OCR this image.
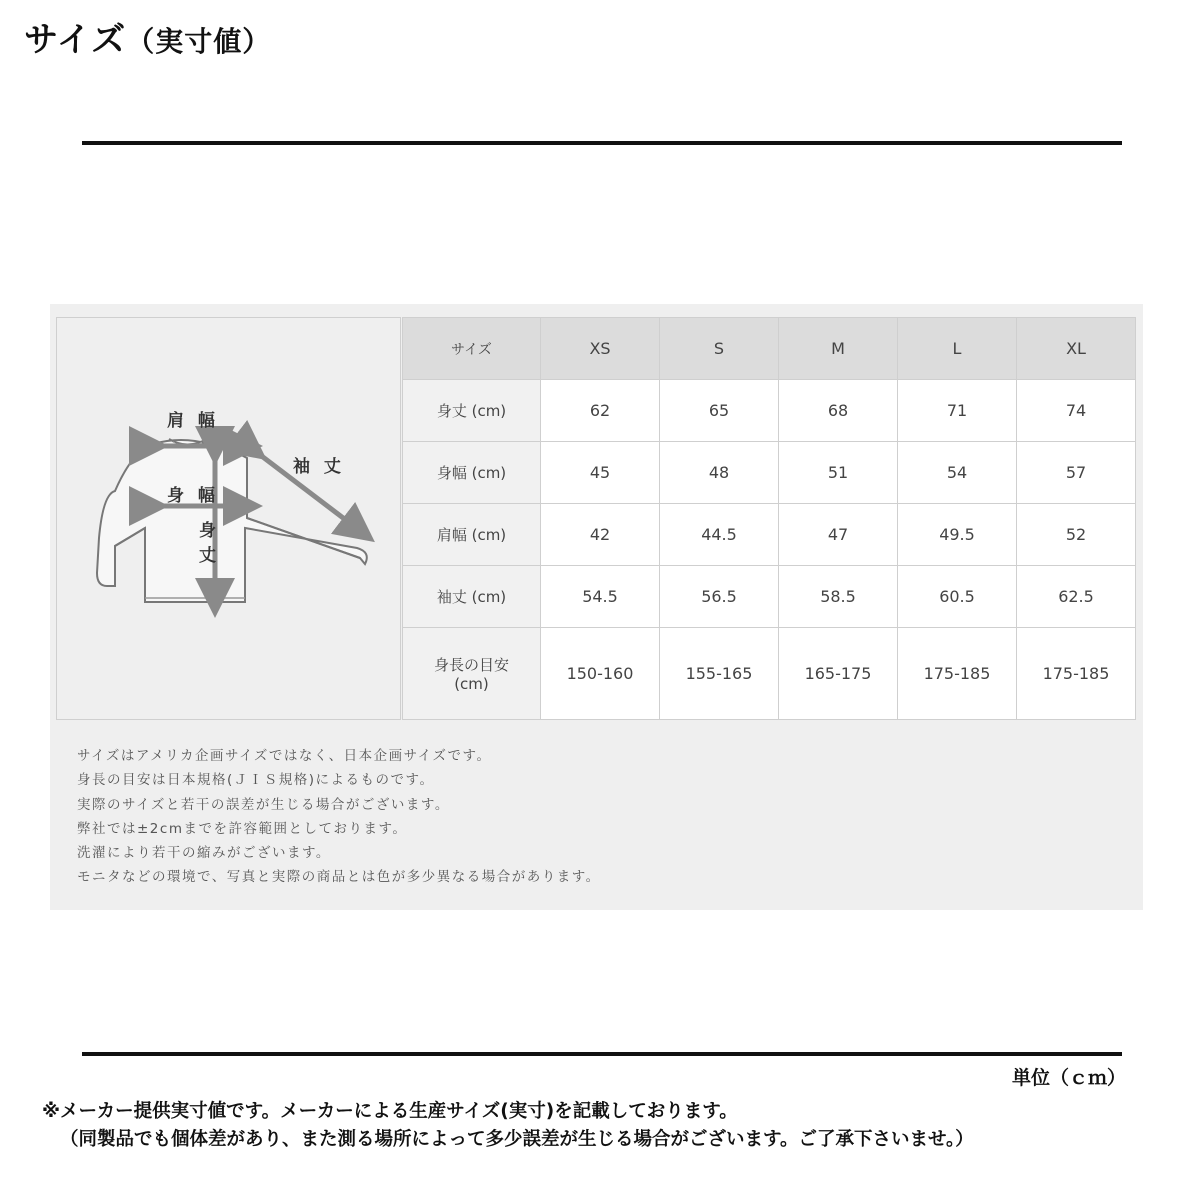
サイズ（実寸値）
肩 幅
身 幅
身丈
袖 丈
サイズ	XS	S	M	L	XL
身丈 (cm)	62	65	68	71	74
身幅 (cm)	45	48	51	54	57
肩幅 (cm)	42	44.5	47	49.5	52
袖丈 (cm)	54.5	56.5	58.5	60.5	62.5

身長の目安
(cm)	150-160	155-165	165-175	175-185	175-185
サイズはアメリカ企画サイズではなく、日本企画サイズです。
身長の目安は日本規格(ＪＩＳ規格)によるものです。
実際のサイズと若干の誤差が生じる場合がございます。
弊社では±2cmまでを許容範囲としております。
洗濯により若干の縮みがございます。
モニタなどの環境で、写真と実際の商品とは色が多少異なる場合があります。
単位（ｃｍ）
※メーカー提供実寸値です。メーカーによる生産サイズ(実寸)を記載しております。
（同製品でも個体差があり、また測る場所によって多少誤差が生じる場合がございます。ご了承下さいませ。）
